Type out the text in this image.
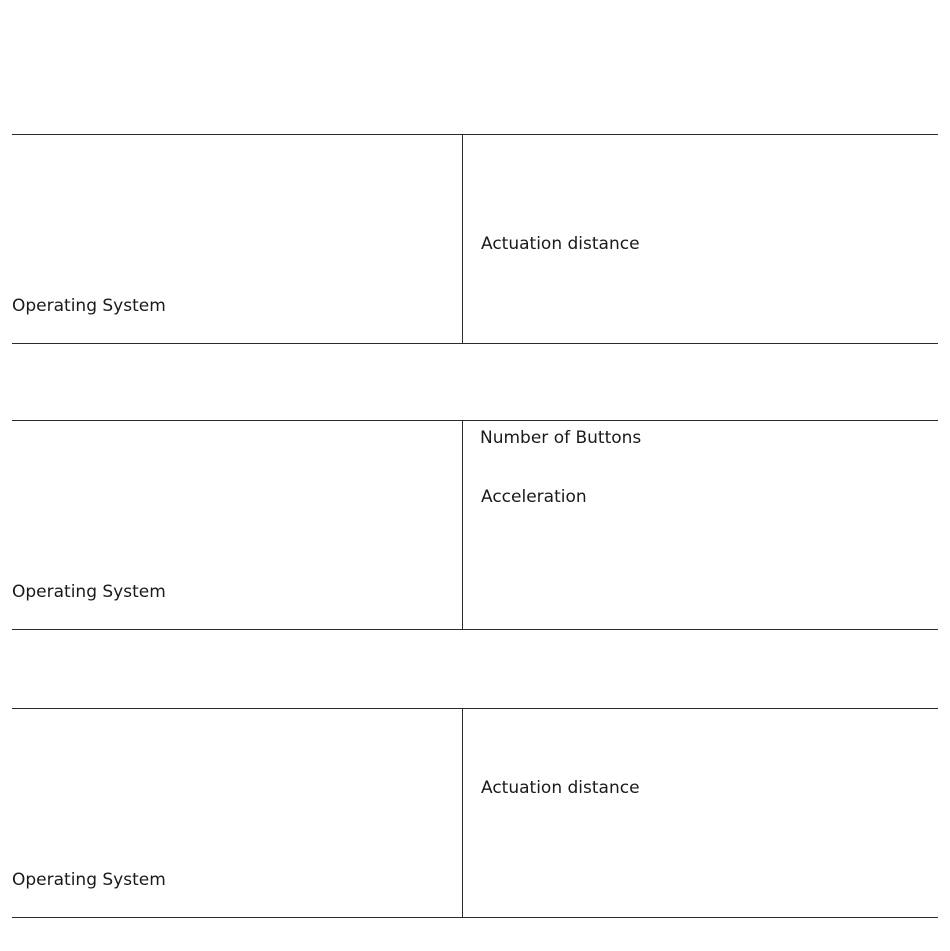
Actuation distance
Operating System
Number of Buttons
Acceleration
Operating System
Actuation distance
Operating System
